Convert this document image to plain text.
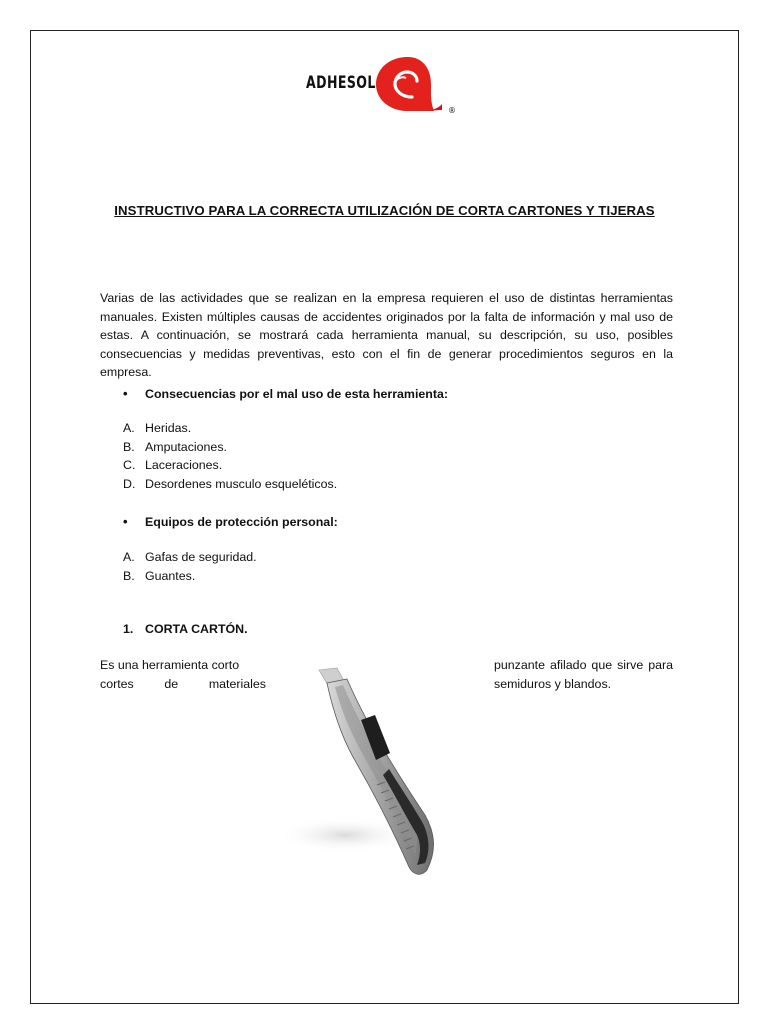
ADHESOL
®
INSTRUCTIVO PARA LA CORRECTA UTILIZACIÓN DE CORTA CARTONES Y TIJERAS

Varias de las actividades que se realizan en la empresa requieren el uso de distintas herramientas manuales. Existen múltiples causas de accidentes originados por la falta de información y mal uso de estas. A continuación, se mostrará cada herramienta manual, su descripción, su uso, posibles consecuencias y medidas preventivas, esto con el fin de generar procedimientos seguros en la empresa.

• Consecuencias por el mal uso de esta herramienta:
A. Heridas.
B. Amputaciones.
C. Laceraciones.
D. Desordenes musculo esqueléticos.
• Equipos de protección personal:
A. Gafas de seguridad.
B. Guantes.
1. CORTA CARTÓN.
Es una herramienta corto
cortes de materiales
punzante afilado que sirve para
semiduros y blandos.
